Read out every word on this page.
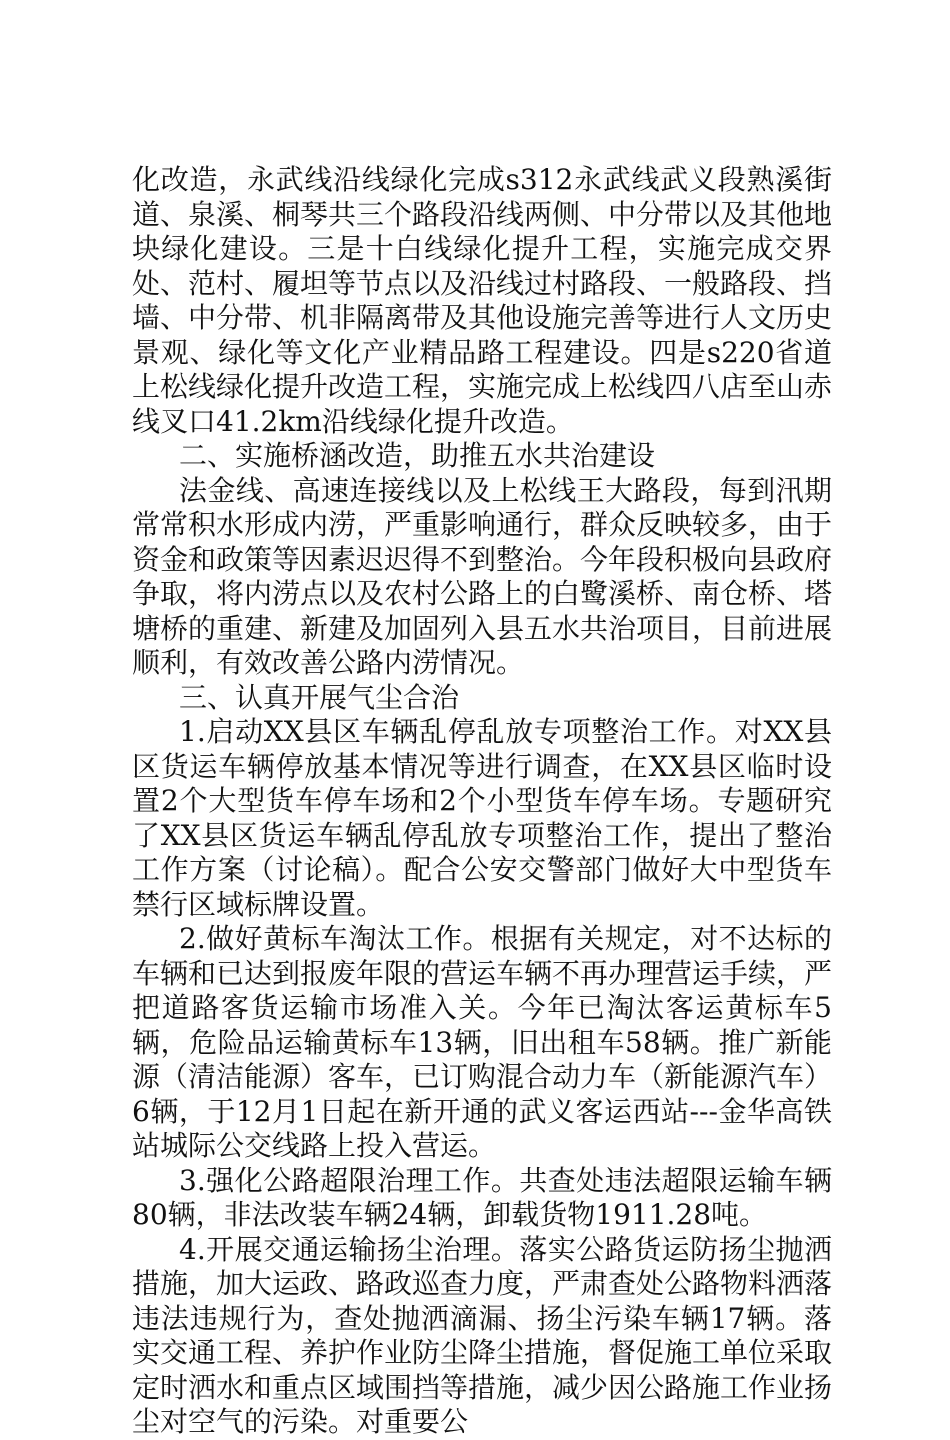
化改造，永武线沿线绿化完成s312永武线武义段熟溪街道、泉溪、桐琴共三个路段沿线两侧、中分带以及其他地块绿化建设。三是十白线绿化提升工程，实施完成交界处、范村、履坦等节点以及沿线过村路段、一般路段、挡墙、中分带、机非隔离带及其他设施完善等进行人文历史景观、绿化等文化产业精品路工程建设。四是s220省道上松线绿化提升改造工程，实施完成上松线四八店至山赤线叉口41.2km沿线绿化提升改造。

二、实施桥涵改造，助推五水共治建设

法金线、高速连接线以及上松线王大路段，每到汛期常常积水形成内涝，严重影响通行，群众反映较多，由于资金和政策等因素迟迟得不到整治。今年段积极向县政府争取，将内涝点以及农村公路上的白鹭溪桥、南仓桥、塔塘桥的重建、新建及加固列入县五水共治项目，目前进展顺利，有效改善公路内涝情况。

三、认真开展气尘合治

1.启动XX县区车辆乱停乱放专项整治工作。对XX县区货运车辆停放基本情况等进行调查，在XX县区临时设置2个大型货车停车场和2个小型货车停车场。专题研究了XX县区货运车辆乱停乱放专项整治工作，提出了整治工作方案（讨论稿）。配合公安交警部门做好大中型货车禁行区域标牌设置。

2.做好黄标车淘汰工作。根据有关规定，对不达标的车辆和已达到报废年限的营运车辆不再办理营运手续，严把道路客货运输市场准入关。今年已淘汰客运黄标车5辆，危险品运输黄标车13辆，旧出租车58辆。推广新能源（清洁能源）客车，已订购混合动力车（新能源汽车）6辆，于12月1日起在新开通的武义客运西站---金华高铁站城际公交线路上投入营运。

3.强化公路超限治理工作。共查处违法超限运输车辆80辆，非法改装车辆24辆，卸载货物1911.28吨。

4.开展交通运输扬尘治理。落实公路货运防扬尘抛洒措施，加大运政、路政巡查力度，严肃查处公路物料洒落违法违规行为，查处抛洒滴漏、扬尘污染车辆17辆。落实交通工程、养护作业防尘降尘措施，督促施工单位采取定时洒水和重点区域围挡等措施，减少因公路施工作业扬尘对空气的污染。对重要公
